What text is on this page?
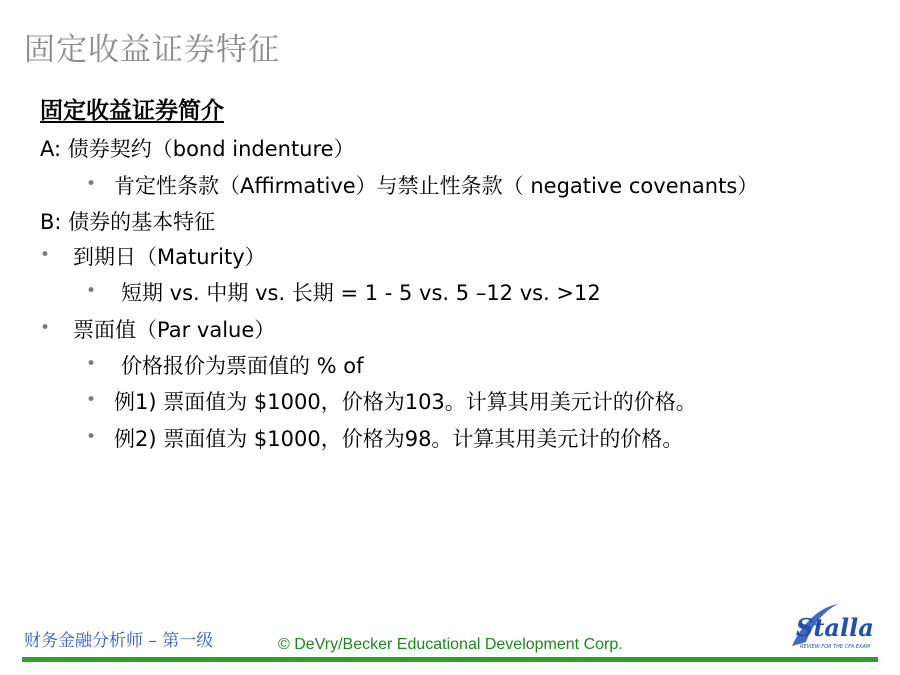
固定收益证券特征
固定收益证券简介
A: 债券契约（bond indenture）
• 肯定性条款（Affirmative）与禁止性条款（ negative covenants）
B: 债券的基本特征
• 到期日（Maturity）
• 短期 vs. 中期 vs. 长期 = 1 - 5 vs. 5 –12 vs. >12
• 票面值（Par value）
• 价格报价为票面值的 % of
• 例1) 票面值为 $1000，价格为103。计算其用美元计的价格。
• 例2) 票面值为 $1000，价格为98。计算其用美元计的价格。
财务金融分析师 – 第一级	© DeVry/Becker Educational Development Corp.
Stalla
REVIEW FOR THE CFA EXAM
